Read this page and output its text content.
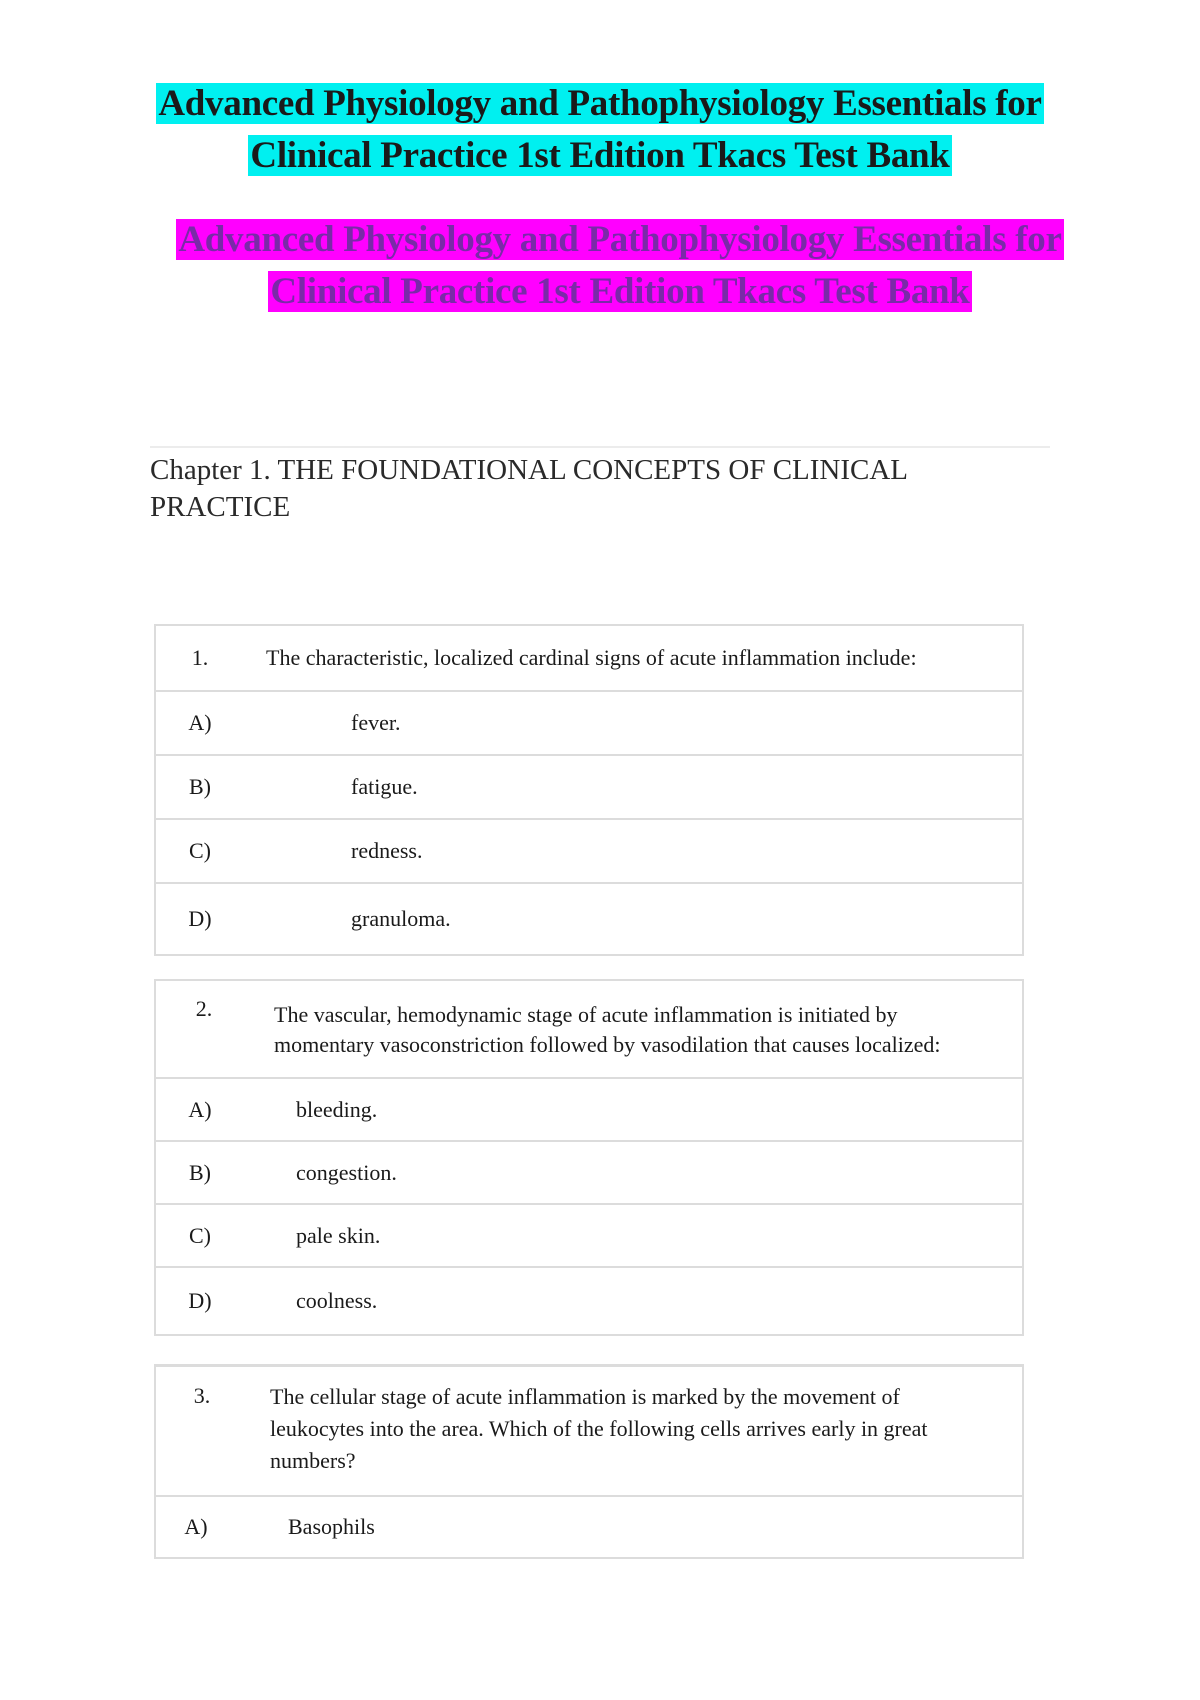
Advanced Physiology and Pathophysiology Essentials for
Clinical Practice 1st Edition Tkacs Test Bank
Advanced Physiology and Pathophysiology Essentials for
Clinical Practice 1st Edition Tkacs Test Bank
Chapter 1. THE FOUNDATIONAL CONCEPTS OF CLINICAL
PRACTICE
1.	The characteristic, localized cardinal signs of acute inflammation include:
A)	fever.
B)	fatigue.
C)	redness.
D)	granuloma.
2.	The vascular, hemodynamic stage of acute inflammation is initiated by
momentary vasoconstriction followed by vasodilation that causes localized:
A)	bleeding.
B)	congestion.
C)	pale skin.
D)	coolness.
3.	The cellular stage of acute inflammation is marked by the movement of
leukocytes into the area. Which of the following cells arrives early in great
numbers?
A)	Basophils
